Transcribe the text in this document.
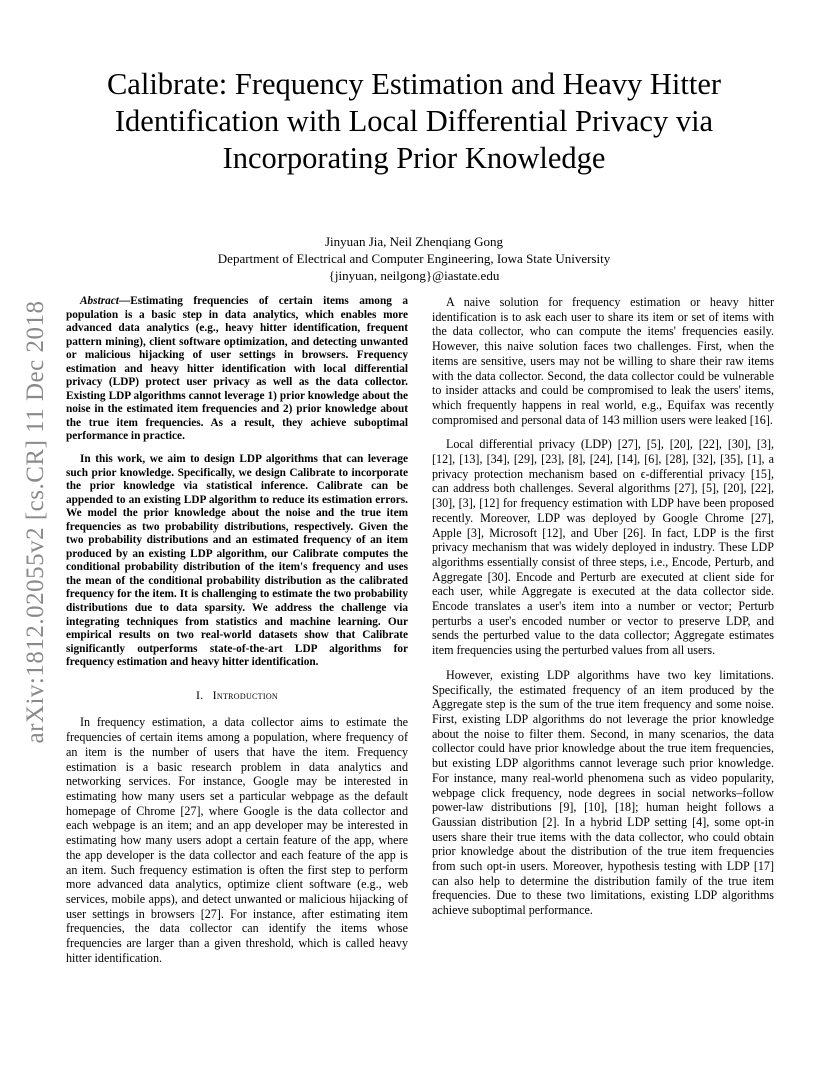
Calibrate: Frequency Estimation and Heavy Hitter Identification with Local Differential Privacy via Incorporating Prior Knowledge
Jinyuan Jia, Neil Zhenqiang Gong
Department of Electrical and Computer Engineering, Iowa State University
{jinyuan, neilgong}@iastate.edu
arXiv:1812.02055v2 [cs.CR] 11 Dec 2018	Abstract—Estimating frequencies of certain items among a population is a basic step in data analytics, which enables more advanced data analytics (e.g., heavy hitter identification, frequent pattern mining), client software optimization, and detecting unwanted or malicious hijacking of user settings in browsers. Frequency estimation and heavy hitter identification with local differential privacy (LDP) protect user privacy as well as the data collector. Existing LDP algorithms cannot leverage 1) prior knowledge about the noise in the estimated item frequencies and 2) prior knowledge about the true item frequencies. As a result, they achieve suboptimal performance in practice.

In this work, we aim to design LDP algorithms that can leverage such prior knowledge. Specifically, we design Calibrate to incorporate the prior knowledge via statistical inference. Calibrate can be appended to an existing LDP algorithm to reduce its estimation errors. We model the prior knowledge about the noise and the true item frequencies as two probability distributions, respectively. Given the two probability distributions and an estimated frequency of an item produced by an existing LDP algorithm, our Calibrate computes the conditional probability distribution of the item's frequency and uses the mean of the conditional probability distribution as the calibrated frequency for the item. It is challenging to estimate the two probability distributions due to data sparsity. We address the challenge via integrating techniques from statistics and machine learning. Our empirical results on two real-world datasets show that Calibrate significantly outperforms state-of-the-art LDP algorithms for frequency estimation and heavy hitter identification.

I. Introduction

In frequency estimation, a data collector aims to estimate the frequencies of certain items among a population, where frequency of an item is the number of users that have the item. Frequency estimation is a basic research problem in data analytics and networking services. For instance, Google may be interested in estimating how many users set a particular webpage as the default homepage of Chrome [27], where Google is the data collector and each webpage is an item; and an app developer may be interested in estimating how many users adopt a certain feature of the app, where the app developer is the data collector and each feature of the app is an item. Such frequency estimation is often the first step to perform more advanced data analytics, optimize client software (e.g., web services, mobile apps), and detect unwanted or malicious hijacking of user settings in browsers [27]. For instance, after estimating item frequencies, the data collector can identify the items whose frequencies are larger than a given threshold, which is called heavy hitter identification.

A naive solution for frequency estimation or heavy hitter identification is to ask each user to share its item or set of items with the data collector, who can compute the items' frequencies easily. However, this naive solution faces two challenges. First, when the items are sensitive, users may not be willing to share their raw items with the data collector. Second, the data collector could be vulnerable to insider attacks and could be compromised to leak the users' items, which frequently happens in real world, e.g., Equifax was recently compromised and personal data of 143 million users were leaked [16].

Local differential privacy (LDP) [27], [5], [20], [22], [30], [3], [12], [13], [34], [29], [23], [8], [24], [14], [6], [28], [32], [35], [1], a privacy protection mechanism based on ϵ-differential privacy [15], can address both challenges. Several algorithms [27], [5], [20], [22], [30], [3], [12] for frequency estimation with LDP have been proposed recently. Moreover, LDP was deployed by Google Chrome [27], Apple [3], Microsoft [12], and Uber [26]. In fact, LDP is the first privacy mechanism that was widely deployed in industry. These LDP algorithms essentially consist of three steps, i.e., Encode, Perturb, and Aggregate [30]. Encode and Perturb are executed at client side for each user, while Aggregate is executed at the data collector side. Encode translates a user's item into a number or vector; Perturb perturbs a user's encoded number or vector to preserve LDP, and sends the perturbed value to the data collector; Aggregate estimates item frequencies using the perturbed values from all users.

However, existing LDP algorithms have two key limitations. Specifically, the estimated frequency of an item produced by the Aggregate step is the sum of the true item frequency and some noise. First, existing LDP algorithms do not leverage the prior knowledge about the noise to filter them. Second, in many scenarios, the data collector could have prior knowledge about the true item frequencies, but existing LDP algorithms cannot leverage such prior knowledge. For instance, many real-world phenomena such as video popularity, webpage click frequency, node degrees in social networks–follow power-law distributions [9], [10], [18]; human height follows a Gaussian distribution [2]. In a hybrid LDP setting [4], some opt-in users share their true items with the data collector, who could obtain prior knowledge about the distribution of the true item frequencies from such opt-in users. Moreover, hypothesis testing with LDP [17] can also help to determine the distribution family of the true item frequencies. Due to these two limitations, existing LDP algorithms achieve suboptimal performance.
